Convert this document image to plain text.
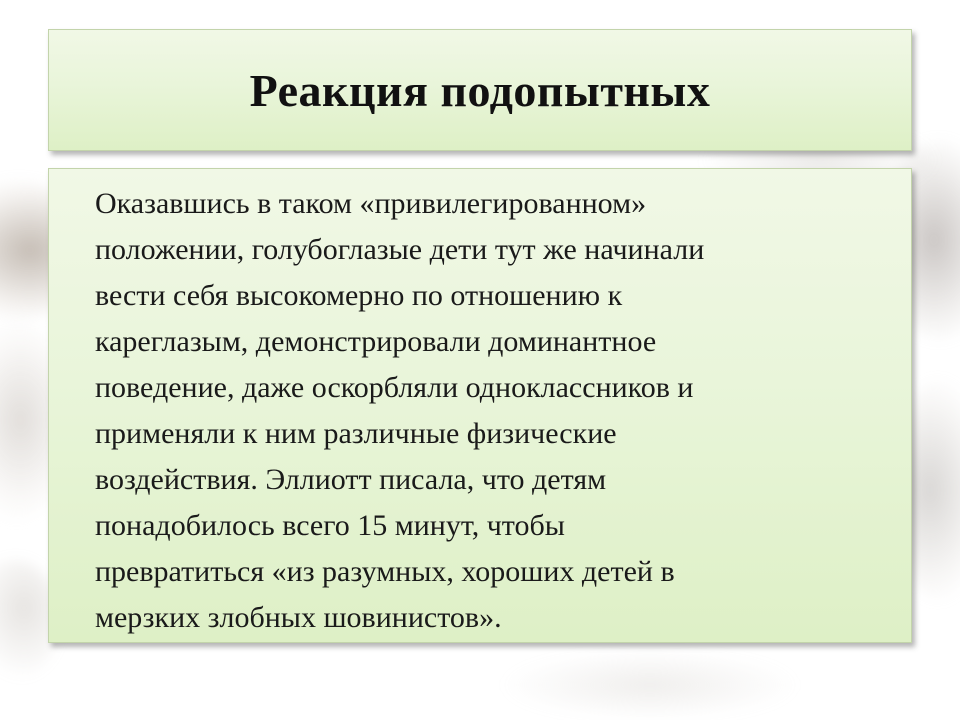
Реакция подопытных

Оказавшись в таком «привилегированном»
положении, голубоглазые дети тут же начинали
вести себя высокомерно по отношению к
кареглазым, демонстрировали доминантное
поведение, даже оскорбляли одноклассников и
применяли к ним различные физические
воздействия. Эллиотт писала, что детям
понадобилось всего 15 минут, чтобы
превратиться «из разумных, хороших детей в
мерзких злобных шовинистов».
